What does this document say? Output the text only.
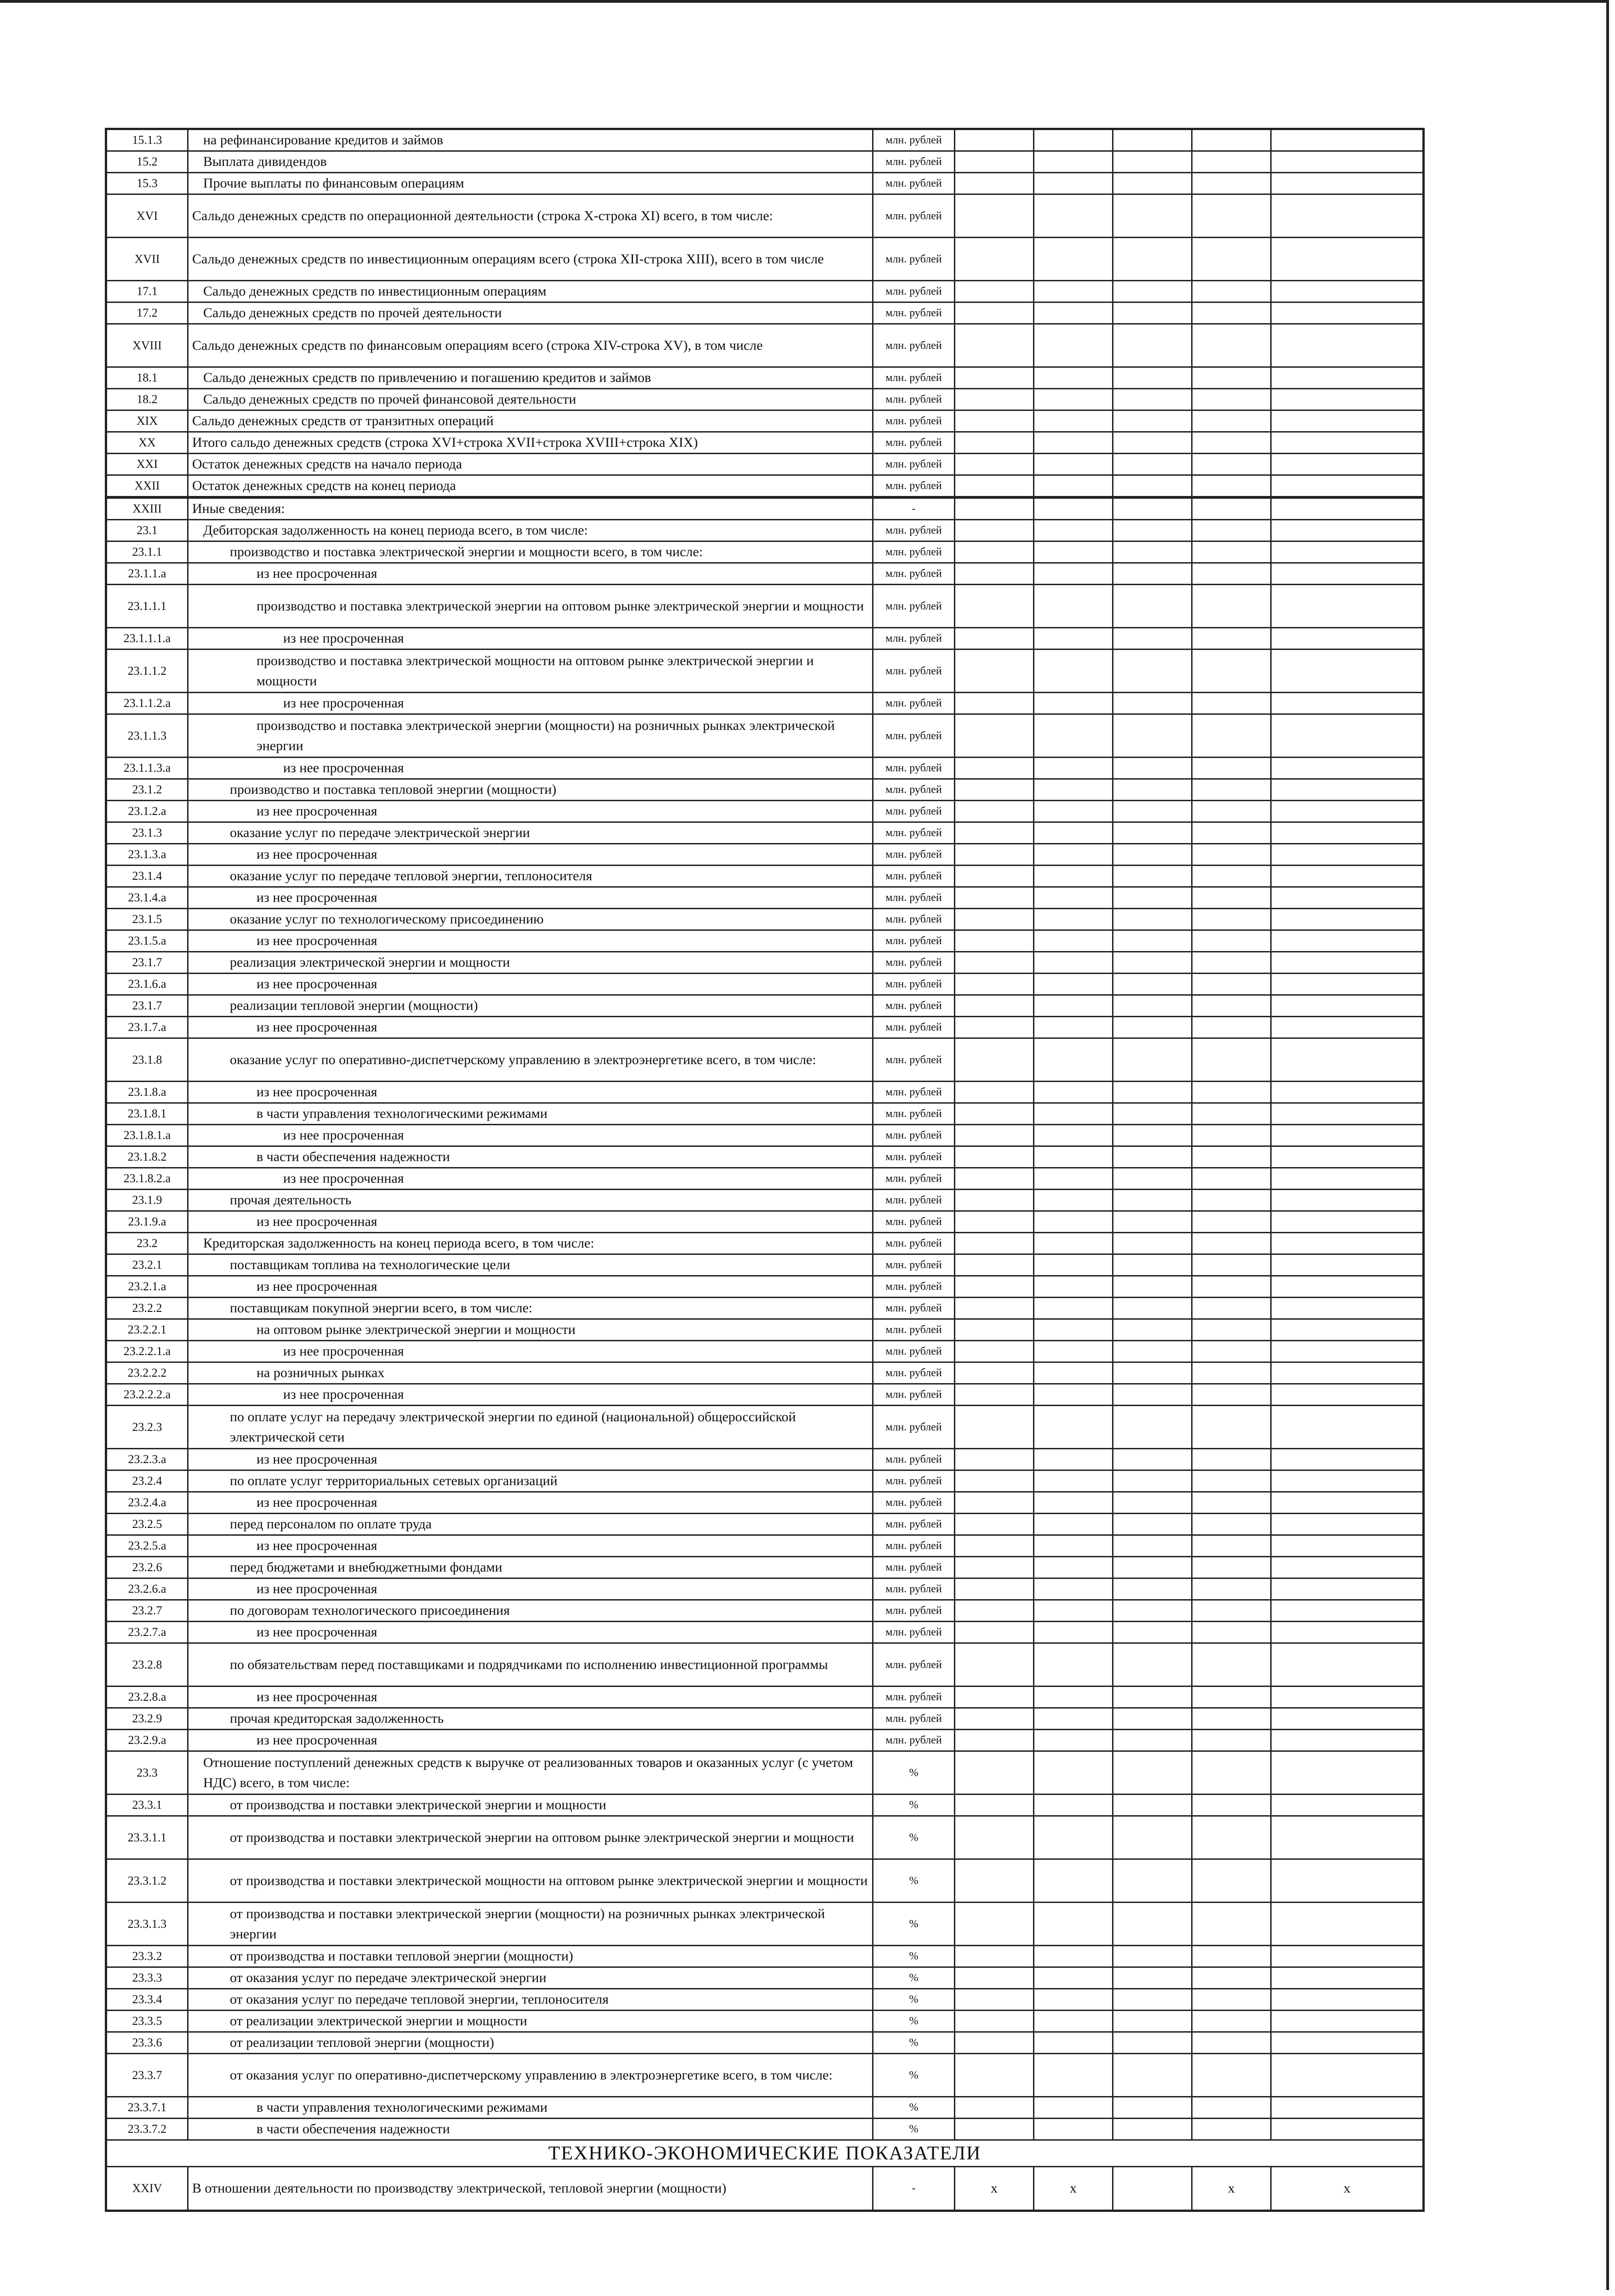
15.1.3	на рефинансирование кредитов и займов	млн. рублей					
15.2	Выплата дивидендов	млн. рублей					
15.3	Прочие выплаты по финансовым операциям	млн. рублей					
XVI	Сальдо денежных средств по операционной деятельности (строка X-строка XI) всего, в том числе:	млн. рублей					
XVII	Сальдо денежных средств по инвестиционным операциям всего (строка XII-строка XIII), всего в том числе	млн. рублей					
17.1	Сальдо денежных средств по инвестиционным операциям	млн. рублей					
17.2	Сальдо денежных средств по прочей деятельности	млн. рублей					
XVIII	Сальдо денежных средств по финансовым операциям всего (строка XIV-строка XV), в том числе	млн. рублей					
18.1	Сальдо денежных средств по привлечению и погашению кредитов и займов	млн. рублей					
18.2	Сальдо денежных средств по прочей финансовой деятельности	млн. рублей					
XIX	Сальдо денежных средств от транзитных операций	млн. рублей					
XX	Итого сальдо денежных средств (строка XVI+строка XVII+строка XVIII+строка XIX)	млн. рублей					
XXI	Остаток денежных средств на начало периода	млн. рублей					
XXII	Остаток денежных средств на конец периода	млн. рублей					
XXIII	Иные сведения:	-					
23.1	Дебиторская задолженность на конец периода всего, в том числе:	млн. рублей					
23.1.1	производство и поставка электрической энергии и мощности всего, в том числе:	млн. рублей					
23.1.1.a	из нее просроченная	млн. рублей					
23.1.1.1	производство и поставка электрической энергии на оптовом рынке электрической энергии и мощности	млн. рублей					
23.1.1.1.a	из нее просроченная	млн. рублей					
23.1.1.2	производство и поставка электрической мощности на оптовом рынке электрической энергии и мощности	млн. рублей					
23.1.1.2.a	из нее просроченная	млн. рублей					
23.1.1.3	производство и поставка электрической энергии (мощности) на розничных рынках электрической энергии	млн. рублей					
23.1.1.3.a	из нее просроченная	млн. рублей					
23.1.2	производство и поставка тепловой энергии (мощности)	млн. рублей					
23.1.2.a	из нее просроченная	млн. рублей					
23.1.3	оказание услуг по передаче электрической энергии	млн. рублей					
23.1.3.a	из нее просроченная	млн. рублей					
23.1.4	оказание услуг по передаче тепловой энергии, теплоносителя	млн. рублей					
23.1.4.a	из нее просроченная	млн. рублей					
23.1.5	оказание услуг по технологическому присоединению	млн. рублей					
23.1.5.a	из нее просроченная	млн. рублей					
23.1.7	реализация электрической энергии и мощности	млн. рублей					
23.1.6.a	из нее просроченная	млн. рублей					
23.1.7	реализации тепловой энергии (мощности)	млн. рублей					
23.1.7.a	из нее просроченная	млн. рублей					
23.1.8	оказание услуг по оперативно-диспетчерскому управлению в электроэнергетике всего, в том числе:	млн. рублей					
23.1.8.a	из нее просроченная	млн. рублей					
23.1.8.1	в части управления технологическими режимами	млн. рублей					
23.1.8.1.a	из нее просроченная	млн. рублей					
23.1.8.2	в части обеспечения надежности	млн. рублей					
23.1.8.2.a	из нее просроченная	млн. рублей					
23.1.9	прочая деятельность	млн. рублей					
23.1.9.a	из нее просроченная	млн. рублей					
23.2	Кредиторская задолженность на конец периода всего, в том числе:	млн. рублей					
23.2.1	поставщикам топлива на технологические цели	млн. рублей					
23.2.1.a	из нее просроченная	млн. рублей					
23.2.2	поставщикам покупной энергии всего, в том числе:	млн. рублей					
23.2.2.1	на оптовом рынке электрической энергии и мощности	млн. рублей					
23.2.2.1.a	из нее просроченная	млн. рублей					
23.2.2.2	на розничных рынках	млн. рублей					
23.2.2.2.a	из нее просроченная	млн. рублей					
23.2.3	по оплате услуг на передачу электрической энергии по единой (национальной) общероссийской электрической сети	млн. рублей					
23.2.3.a	из нее просроченная	млн. рублей					
23.2.4	по оплате услуг территориальных сетевых организаций	млн. рублей					
23.2.4.a	из нее просроченная	млн. рублей					
23.2.5	перед персоналом по оплате труда	млн. рублей					
23.2.5.a	из нее просроченная	млн. рублей					
23.2.6	перед бюджетами и внебюджетными фондами	млн. рублей					
23.2.6.a	из нее просроченная	млн. рублей					
23.2.7	по договорам технологического присоединения	млн. рублей					
23.2.7.a	из нее просроченная	млн. рублей					
23.2.8	по обязательствам перед поставщиками и подрядчиками по исполнению инвестиционной программы	млн. рублей					
23.2.8.a	из нее просроченная	млн. рублей					
23.2.9	прочая кредиторская задолженность	млн. рублей					
23.2.9.a	из нее просроченная	млн. рублей					
23.3	Отношение поступлений денежных средств к выручке от реализованных товаров и оказанных услуг (с учетом НДС) всего, в том числе:	%					
23.3.1	от производства и поставки электрической энергии и мощности	%					
23.3.1.1	от производства и поставки электрической энергии на оптовом рынке электрической энергии и мощности	%					
23.3.1.2	от производства и поставки электрической мощности на оптовом рынке электрической энергии и мощности	%					
23.3.1.3	от производства и поставки электрической энергии (мощности) на розничных рынках электрической энергии	%					
23.3.2	от производства и поставки тепловой энергии (мощности)	%					
23.3.3	от оказания услуг по передаче электрической энергии	%					
23.3.4	от оказания услуг по передаче тепловой энергии, теплоносителя	%					
23.3.5	от реализации электрической энергии и мощности	%					
23.3.6	от реализации тепловой энергии (мощности)	%					
23.3.7	от оказания услуг по оперативно-диспетчерскому управлению в электроэнергетике всего, в том числе:	%					
23.3.7.1	в части управления технологическими режимами	%					
23.3.7.2	в части обеспечения надежности	%					
ТЕХНИКО-ЭКОНОМИЧЕСКИЕ ПОКАЗАТЕЛИ							
XXIV	В отношении деятельности по производству электрической, тепловой энергии (мощности)	-	x	x		x	x
